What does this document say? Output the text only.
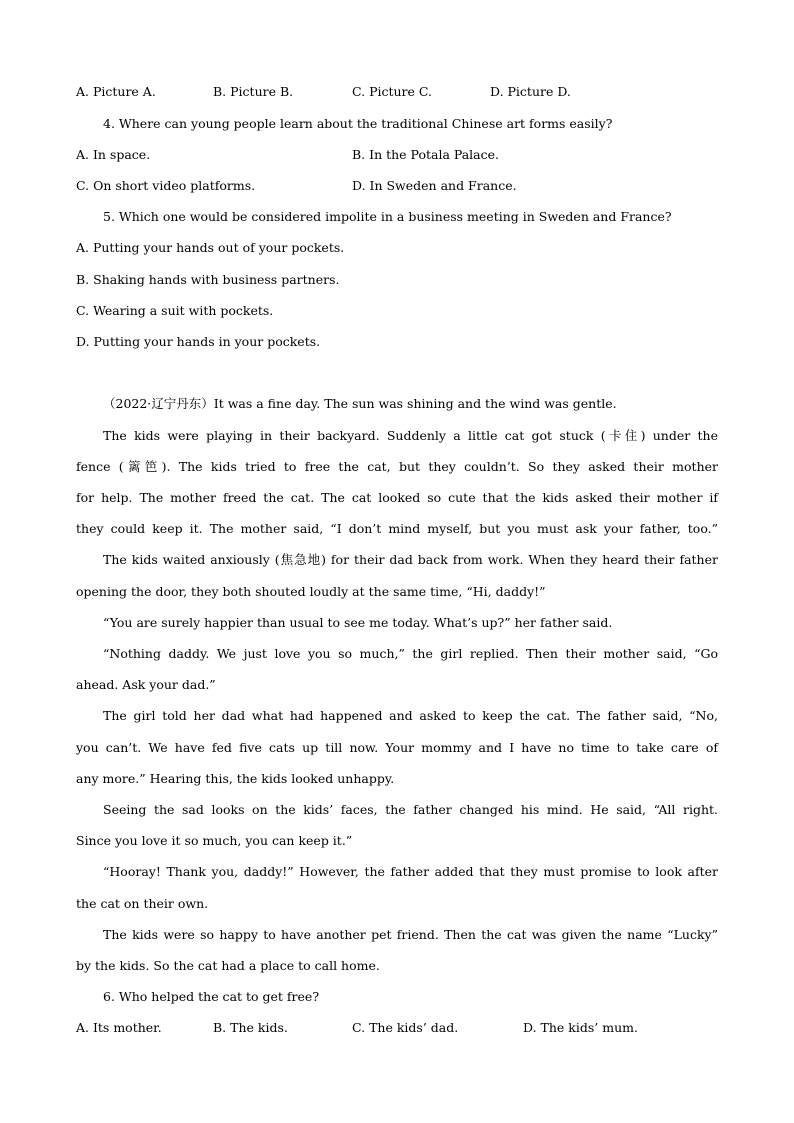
A. Picture A.	B. Picture B.	C. Picture C.	D. Picture D.
4. Where can young people learn about the traditional Chinese art forms easily?
A. In space.	B. In the Potala Palace.
C. On short video platforms.	D. In Sweden and France.
5. Which one would be considered impolite in a business meeting in Sweden and France?
A. Putting your hands out of your pockets.
B. Shaking hands with business partners.
C. Wearing a suit with pockets.
D. Putting your hands in your pockets.
（2022·辽宁丹东）It was a fine day. The sun was shining and the wind was gentle.
The kids were playing in their backyard. Suddenly a little cat got stuck (卡住) under the
fence (篱笆). The kids tried to free the cat, but they couldn’t. So they asked their mother
for help. The mother freed the cat. The cat looked so cute that the kids asked their mother if
they could keep it. The mother said, “I don’t mind myself, but you must ask your father, too.”
The kids waited anxiously (焦急地) for their dad back from work. When they heard their father
opening the door, they both shouted loudly at the same time, “Hi, daddy!”
“You are surely happier than usual to see me today. What’s up?” her father said.
“Nothing daddy. We just love you so much,” the girl replied. Then their mother said, “Go
ahead. Ask your dad.”
The girl told her dad what had happened and asked to keep the cat. The father said, “No,
you can’t. We have fed five cats up till now. Your mommy and I have no time to take care of
any more.” Hearing this, the kids looked unhappy.
Seeing the sad looks on the kids’ faces, the father changed his mind. He said, “All right.
Since you love it so much, you can keep it.”
“Hooray! Thank you, daddy!” However, the father added that they must promise to look after
the cat on their own.
The kids were so happy to have another pet friend. Then the cat was given the name “Lucky”
by the kids. So the cat had a place to call home.
6. Who helped the cat to get free?
A. Its mother.	B. The kids.	C. The kids’ dad.	D. The kids’ mum.
